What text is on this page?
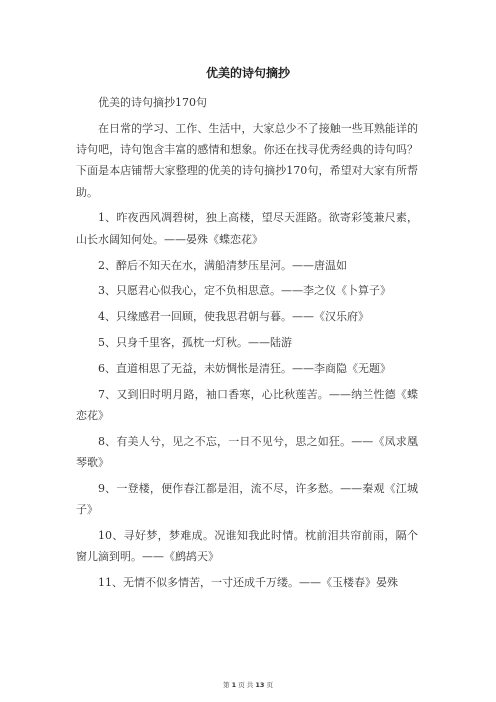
优美的诗句摘抄

优美的诗句摘抄170句

在日常的学习、工作、生活中，大家总少不了接触一些耳熟能详的诗句吧，诗句饱含丰富的感情和想象。你还在找寻优秀经典的诗句吗？下面是本店铺帮大家整理的优美的诗句摘抄170句，希望对大家有所帮助。

1、昨夜西风凋碧树，独上高楼，望尽天涯路。欲寄彩笺兼尺素，山长水阔知何处。——晏殊《蝶恋花》

2、醉后不知天在水，满船清梦压星河。——唐温如

3、只愿君心似我心，定不负相思意。——李之仪《卜算子》

4、只缘感君一回顾，使我思君朝与暮。——《汉乐府》

5、只身千里客，孤枕一灯秋。——陆游

6、直道相思了无益，未妨惆怅是清狂。——李商隐《无题》

7、又到旧时明月路，袖口香寒，心比秋莲苦。——纳兰性德《蝶恋花》

8、有美人兮，见之不忘，一日不见兮，思之如狂。——《凤求凰琴歌》

9、一登楼，便作春江都是泪，流不尽，许多愁。——秦观《江城子》

10、寻好梦，梦难成。况谁知我此时情。枕前泪共帘前雨，隔个窗儿滴到明。——《鹧鸪天》

11、无情不似多情苦，一寸还成千万缕。——《玉楼春》晏殊

第 1 页 共 13 页
